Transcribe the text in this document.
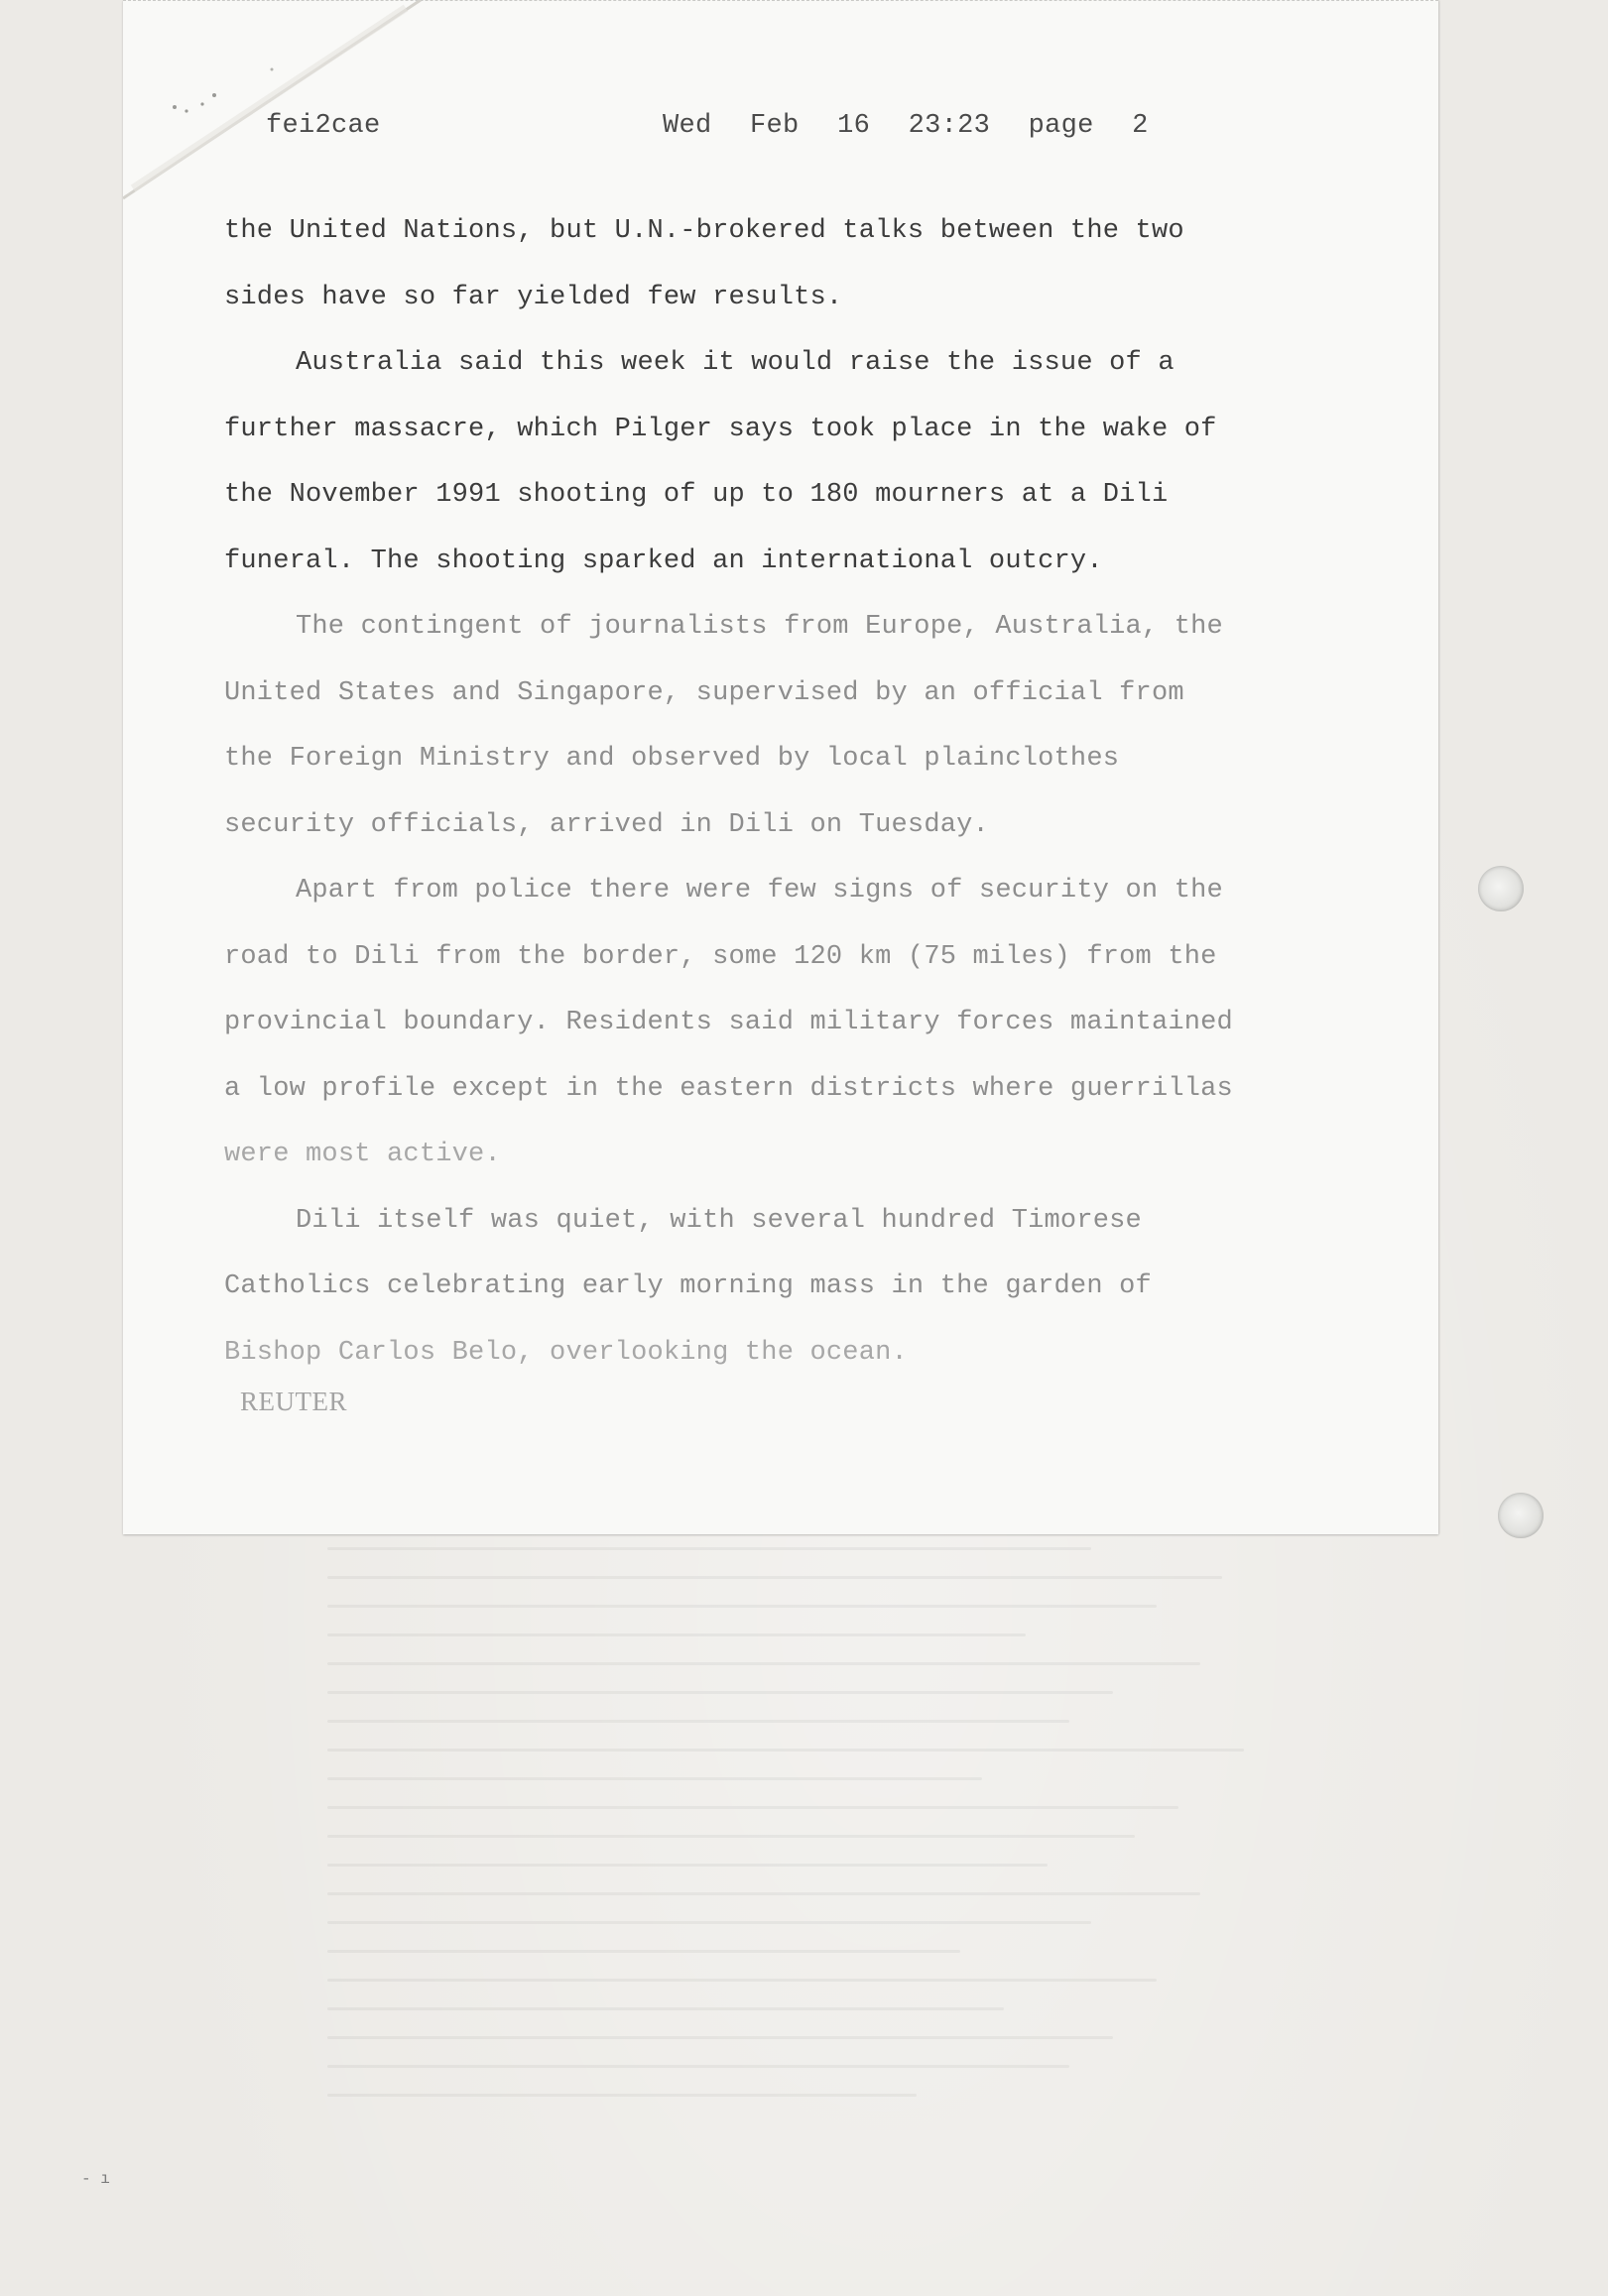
fei2cae	Wed Feb 16 23:23 page 2

the United Nations, but U.N.-brokered talks between the two
sides have so far yielded few results.

Australia said this week it would raise the issue of a
further massacre, which Pilger says took place in the wake of
the November 1991 shooting of up to 180 mourners at a Dili
funeral. The shooting sparked an international outcry.

The contingent of journalists from Europe, Australia, the
United States and Singapore, supervised by an official from
the Foreign Ministry and observed by local plainclothes
security officials, arrived in Dili on Tuesday.

Apart from police there were few signs of security on the
road to Dili from the border, some 120 km (75 miles) from the
provincial boundary. Residents said military forces maintained
a low profile except in the eastern districts where guerrillas
were most active.

Dili itself was quiet, with several hundred Timorese
Catholics celebrating early morning mass in the garden of
Bishop Carlos Belo, overlooking the ocean.

REUTER
- ı
